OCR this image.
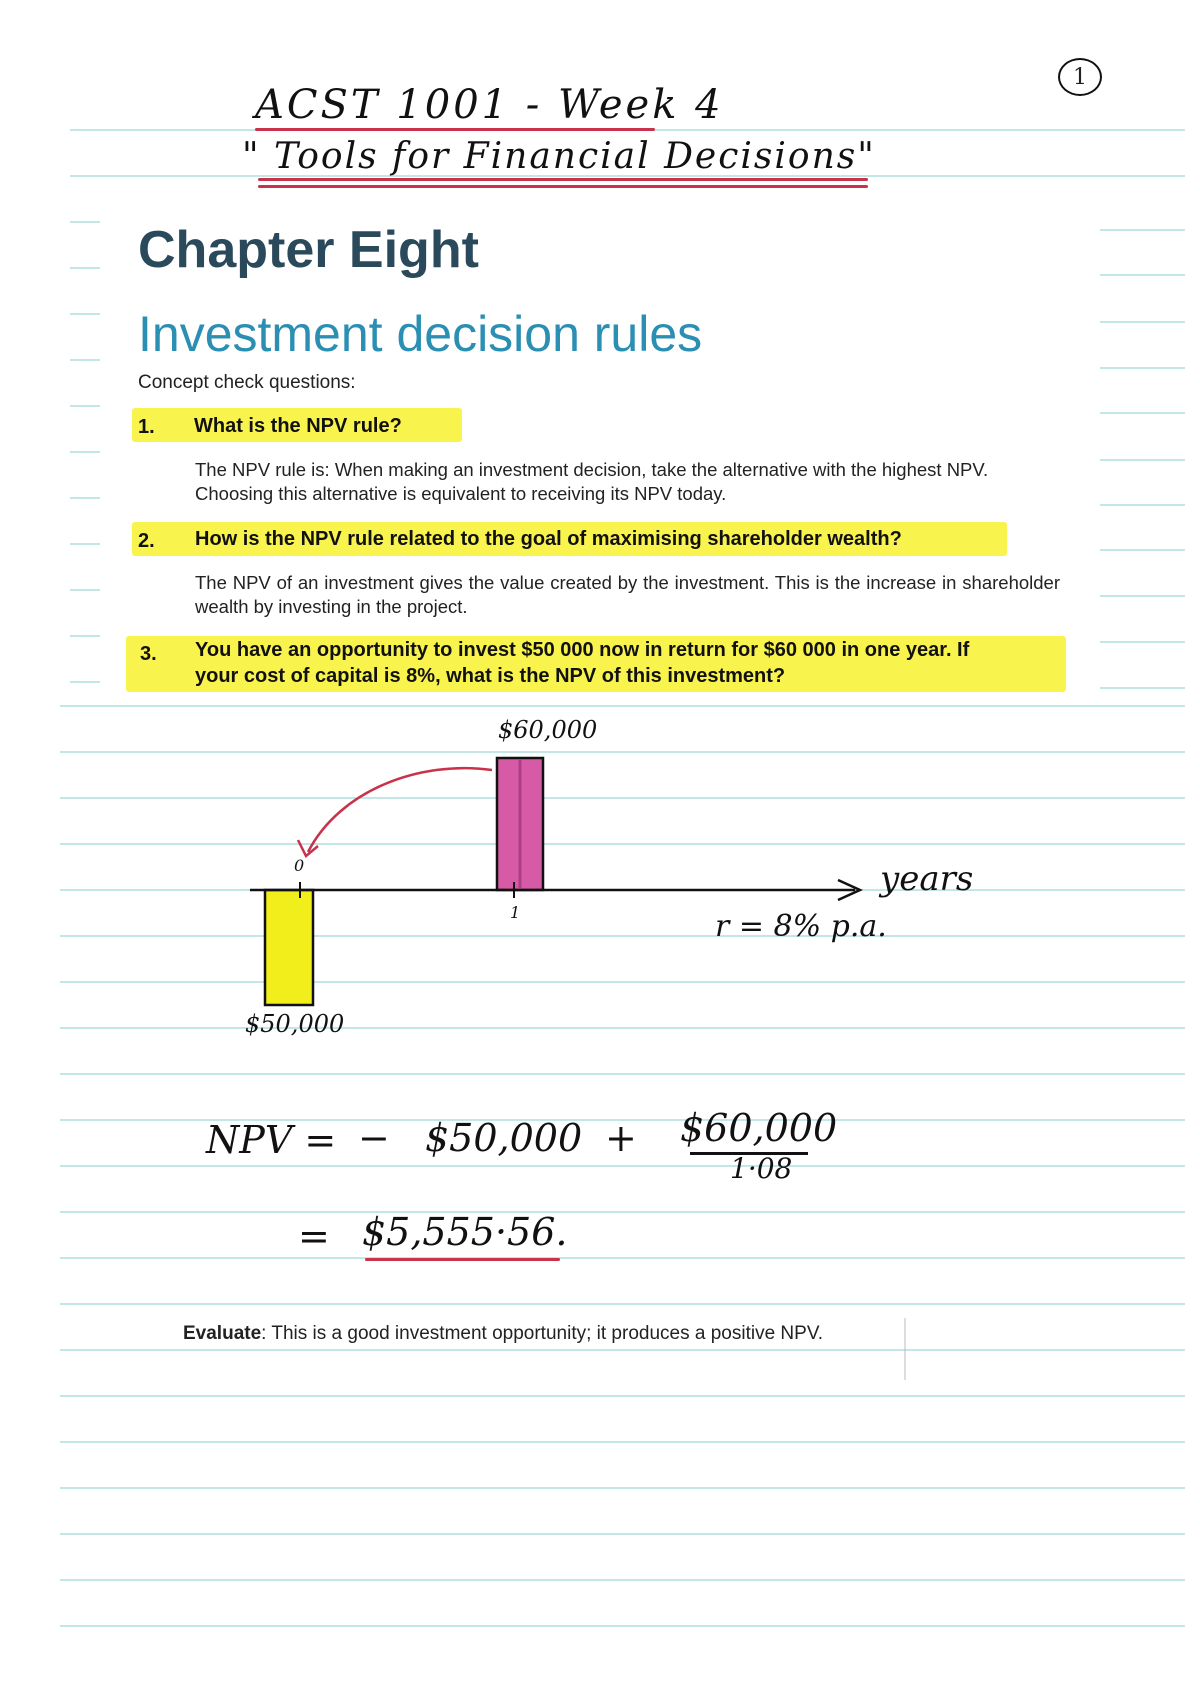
1
ACST 1001 - Week 4
" Tools for Financial Decisions"
Chapter Eight
Investment decision rules
Concept check questions:
1. What is the NPV rule?
The NPV rule is: When making an investment decision, take the alternative with the highest NPV. Choosing this alternative is equivalent to receiving its NPV today.
2. How is the NPV rule related to the goal of maximising shareholder wealth?
The NPV of an investment gives the value created by the investment. This is the increase in shareholder wealth by investing in the project.
3. You have an opportunity to invest $50 000 now in return for $60 000 in one year. If
your cost of capital is 8%, what is the NPV of this investment?
0
1
$60,000
$50,000
years
r = 8% p.a.
NPV = − $50,000 + $60,000
1·08
= $5,555·56.
Evaluate: This is a good investment opportunity; it produces a positive NPV.
